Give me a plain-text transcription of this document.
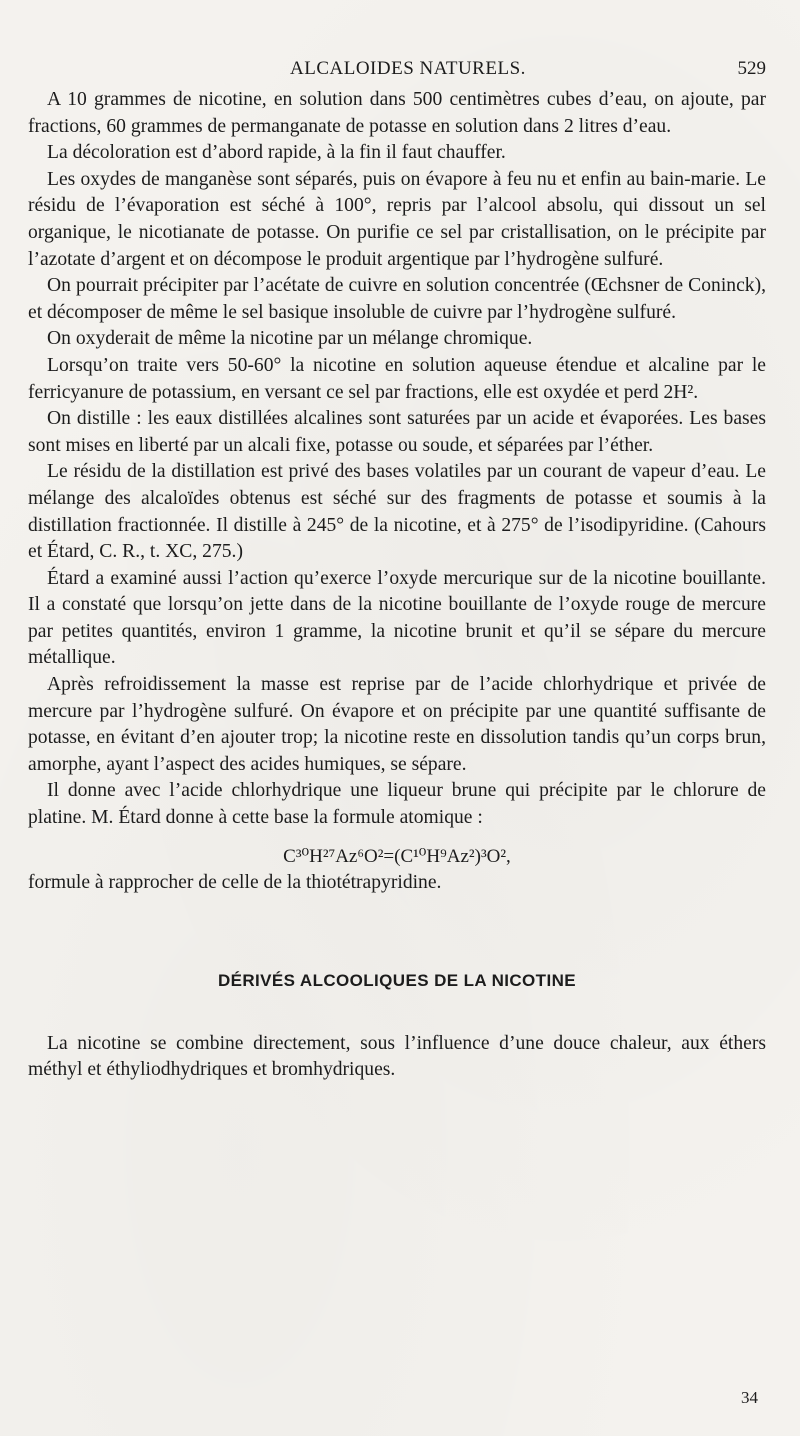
ALCALOIDES NATURELS.	529

A 10 grammes de nicotine, en solution dans 500 centimètres cubes d’eau, on ajoute, par fractions, 60 grammes de permanganate de potasse en solution dans 2 litres d’eau.

La décoloration est d’abord rapide, à la fin il faut chauffer.

Les oxydes de manganèse sont séparés, puis on évapore à feu nu et enfin au bain-marie. Le résidu de l’évaporation est séché à 100°, repris par l’alcool absolu, qui dissout un sel organique, le nicotianate de potasse. On purifie ce sel par cristallisation, on le précipite par l’azotate d’argent et on décompose le produit argentique par l’hydrogène sulfuré.

On pourrait précipiter par l’acétate de cuivre en solution concentrée (Œchsner de Coninck), et décomposer de même le sel basique insoluble de cuivre par l’hydrogène sulfuré.

On oxyderait de même la nicotine par un mélange chromique.

Lorsqu’on traite vers 50-60° la nicotine en solution aqueuse étendue et alcaline par le ferricyanure de potassium, en versant ce sel par fractions, elle est oxydée et perd 2H².

On distille : les eaux distillées alcalines sont saturées par un acide et évaporées. Les bases sont mises en liberté par un alcali fixe, potasse ou soude, et séparées par l’éther.

Le résidu de la distillation est privé des bases volatiles par un courant de vapeur d’eau. Le mélange des alcaloïdes obtenus est séché sur des fragments de potasse et soumis à la distillation fractionnée. Il distille à 245° de la nicotine, et à 275° de l’isodipyridine. (Cahours et Étard, C. R., t. XC, 275.)

Étard a examiné aussi l’action qu’exerce l’oxyde mercurique sur de la nicotine bouillante. Il a constaté que lorsqu’on jette dans de la nicotine bouillante de l’oxyde rouge de mercure par petites quantités, environ 1 gramme, la nicotine brunit et qu’il se sépare du mercure métallique.

Après refroidissement la masse est reprise par de l’acide chlorhydrique et privée de mercure par l’hydrogène sulfuré. On évapore et on précipite par une quantité suffisante de potasse, en évitant d’en ajouter trop; la nicotine reste en dissolution tandis qu’un corps brun, amorphe, ayant l’aspect des acides humiques, se sépare.

Il donne avec l’acide chlorhydrique une liqueur brune qui précipite par le chlorure de platine. M. Étard donne à cette base la formule atomique :

C³⁰H²⁷Az⁶O²=(C¹⁰H⁹Az²)³O²,

formule à rapprocher de celle de la thiotétrapyridine.

DÉRIVÉS ALCOOLIQUES DE LA NICOTINE

La nicotine se combine directement, sous l’influence d’une douce chaleur, aux éthers méthyl et éthyliodhydriques et bromhydriques.

34
